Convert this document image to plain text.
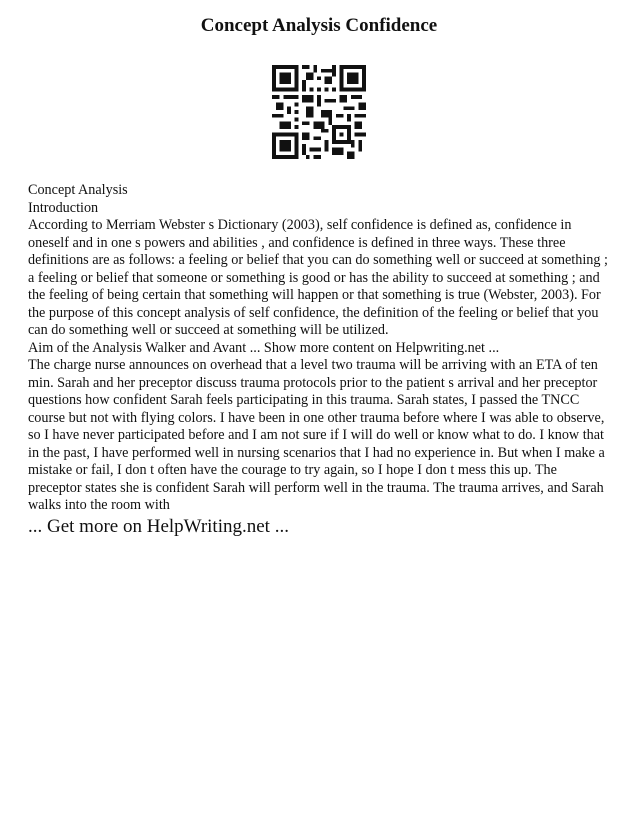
Concept Analysis Confidence

Concept Analysis

Introduction

According to Merriam Webster s Dictionary (2003), self confidence is defined as, confidence in oneself and in one s powers and abilities , and confidence is defined in three ways. These three definitions are as follows: a feeling or belief that you can do something well or succeed at something ; a feeling or belief that someone or something is good or has the ability to succeed at something ; and the feeling of being certain that something will happen or that something is true (Webster, 2003). For the purpose of this concept analysis of self confidence, the definition of the feeling or belief that you can do something well or succeed at something will be utilized.

Aim of the Analysis Walker and Avant ... Show more content on Helpwriting.net ...

The charge nurse announces on overhead that a level two trauma will be arriving with an ETA of ten min. Sarah and her preceptor discuss trauma protocols prior to the patient s arrival and her preceptor questions how confident Sarah feels participating in this trauma. Sarah states, I passed the TNCC course but not with flying colors. I have been in one other trauma before where I was able to observe, so I have never participated before and I am not sure if I will do well or know what to do. I know that in the past, I have performed well in nursing scenarios that I had no experience in. But when I make a mistake or fail, I don t often have the courage to try again, so I hope I don t mess this up. The preceptor states she is confident Sarah will perform well in the trauma. The trauma arrives, and Sarah walks into the room with

... Get more on HelpWriting.net ...
